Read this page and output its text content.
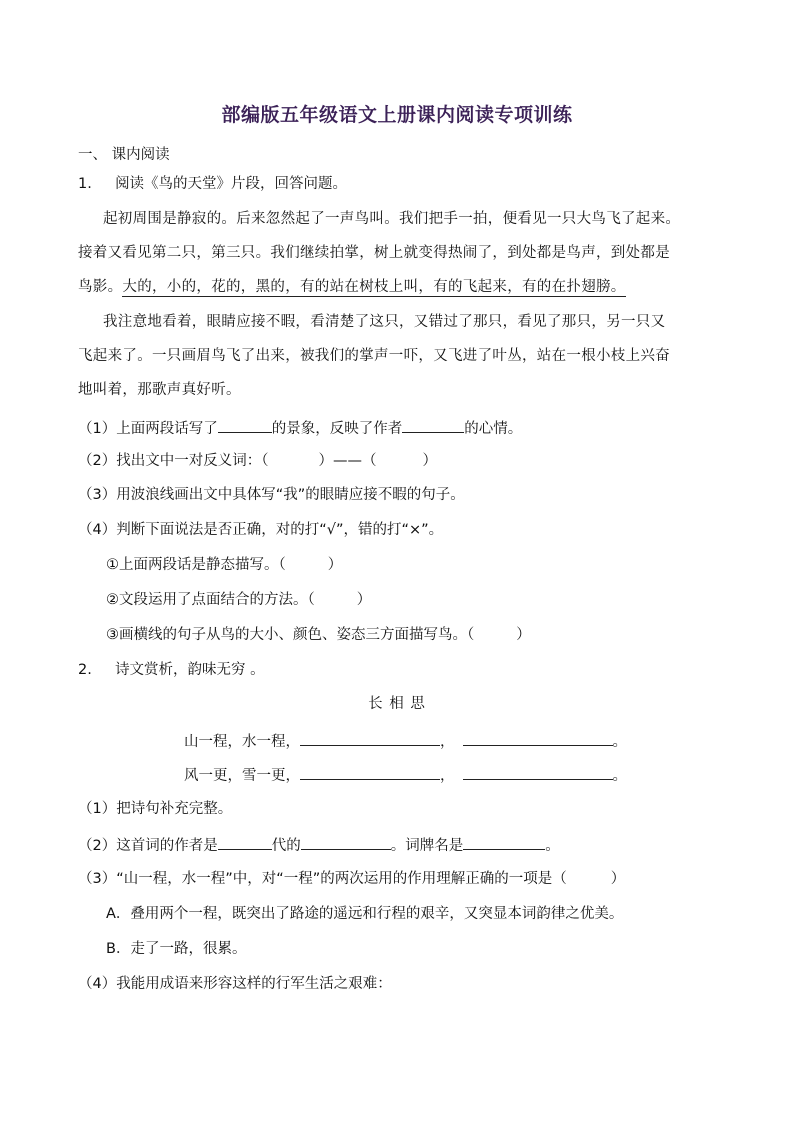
部编版五年级语文上册课内阅读专项训练
一、 课内阅读
1. 阅读《鸟的天堂》片段，回答问题。
起初周围是静寂的。后来忽然起了一声鸟叫。我们把手一拍，便看见一只大鸟飞了起来。
接着又看见第二只，第三只。我们继续拍掌，树上就变得热闹了，到处都是鸟声，到处都是
鸟影。大的，小的，花的，黑的，有的站在树枝上叫，有的飞起来，有的在扑翅膀。
我注意地看着，眼睛应接不暇，看清楚了这只，又错过了那只，看见了那只，另一只又
飞起来了。一只画眉鸟飞了出来，被我们的掌声一吓，又飞进了叶丛，站在一根小枝上兴奋
地叫着，那歌声真好听。
（1）上面两段话写了	的景象，反映了作者	的心情。
（2）找出文中一对反义词：（	）——（	）
（3）用波浪线画出文中具体写“我”的眼睛应接不暇的句子。
（4）判断下面说法是否正确，对的打“√”，错的打“×”。
①上面两段话是静态描写。（	）
②文段运用了点面结合的方法。（	）
③画横线的句子从鸟的大小、颜色、姿态三方面描写鸟。（	）
2. 诗文赏析，韵味无穷 。
长 相 思
山一程，水一程，	，	。
风一更，雪一更，	，	。
（1）把诗句补充完整。
（2）这首词的作者是	代的	。词牌名是	。
（3）“山一程，水一程”中，对“一程”的两次运用的作用理解正确的一项是（	）
A．叠用两个一程，既突出了路途的遥远和行程的艰辛，又突显本词韵律之优美。
B．走了一路，很累。
（4）我能用成语来形容这样的行军生活之艰难：
